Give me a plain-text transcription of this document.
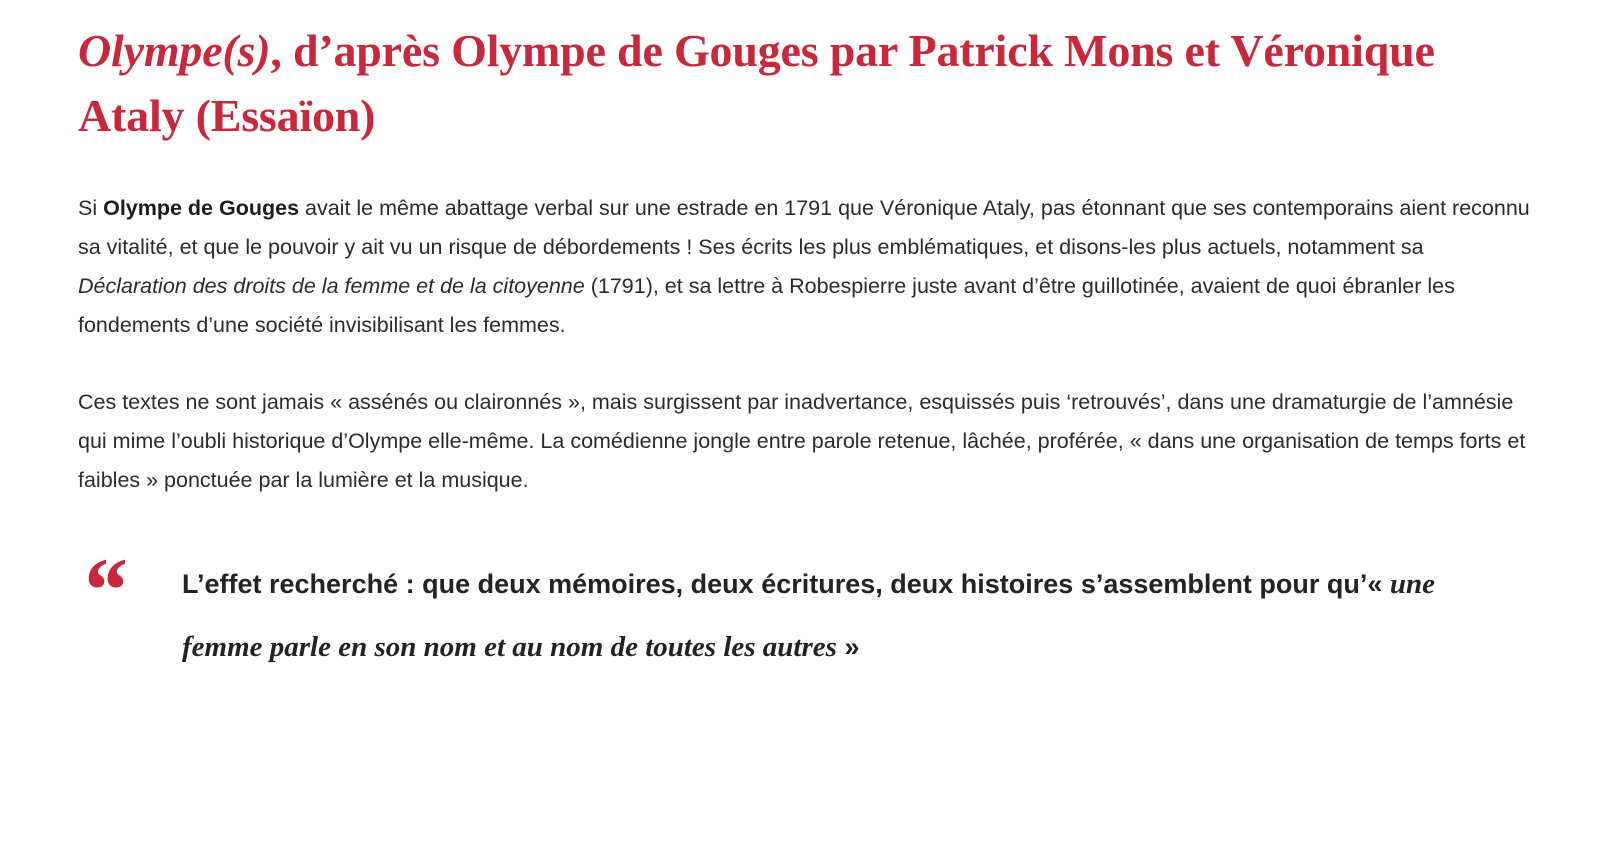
Olympe(s), d’après Olympe de Gouges par Patrick Mons et Véronique Ataly (Essaïon)

Si Olympe de Gouges avait le même abattage verbal sur une estrade en 1791 que Véronique Ataly, pas étonnant que ses contemporains aient reconnu sa vitalité, et que le pouvoir y ait vu un risque de débordements ! Ses écrits les plus emblématiques, et disons-les plus actuels, notamment sa Déclaration des droits de la femme et de la citoyenne (1791), et sa lettre à Robespierre juste avant d’être guillotinée, avaient de quoi ébranler les fondements d’une société invisibilisant les femmes.

Ces textes ne sont jamais « assénés ou claironnés », mais surgissent par inadvertance, esquissés puis ‘retrouvés’, dans une dramaturgie de l’amnésie qui mime l’oubli historique d’Olympe elle-même. La comédienne jongle entre parole retenue, lâchée, proférée, « dans une organisation de temps forts et faibles » ponctuée par la lumière et la musique.

“ L’effet recherché : que deux mémoires, deux écritures, deux histoires s’assemblent pour qu’« une femme parle en son nom et au nom de toutes les autres »
